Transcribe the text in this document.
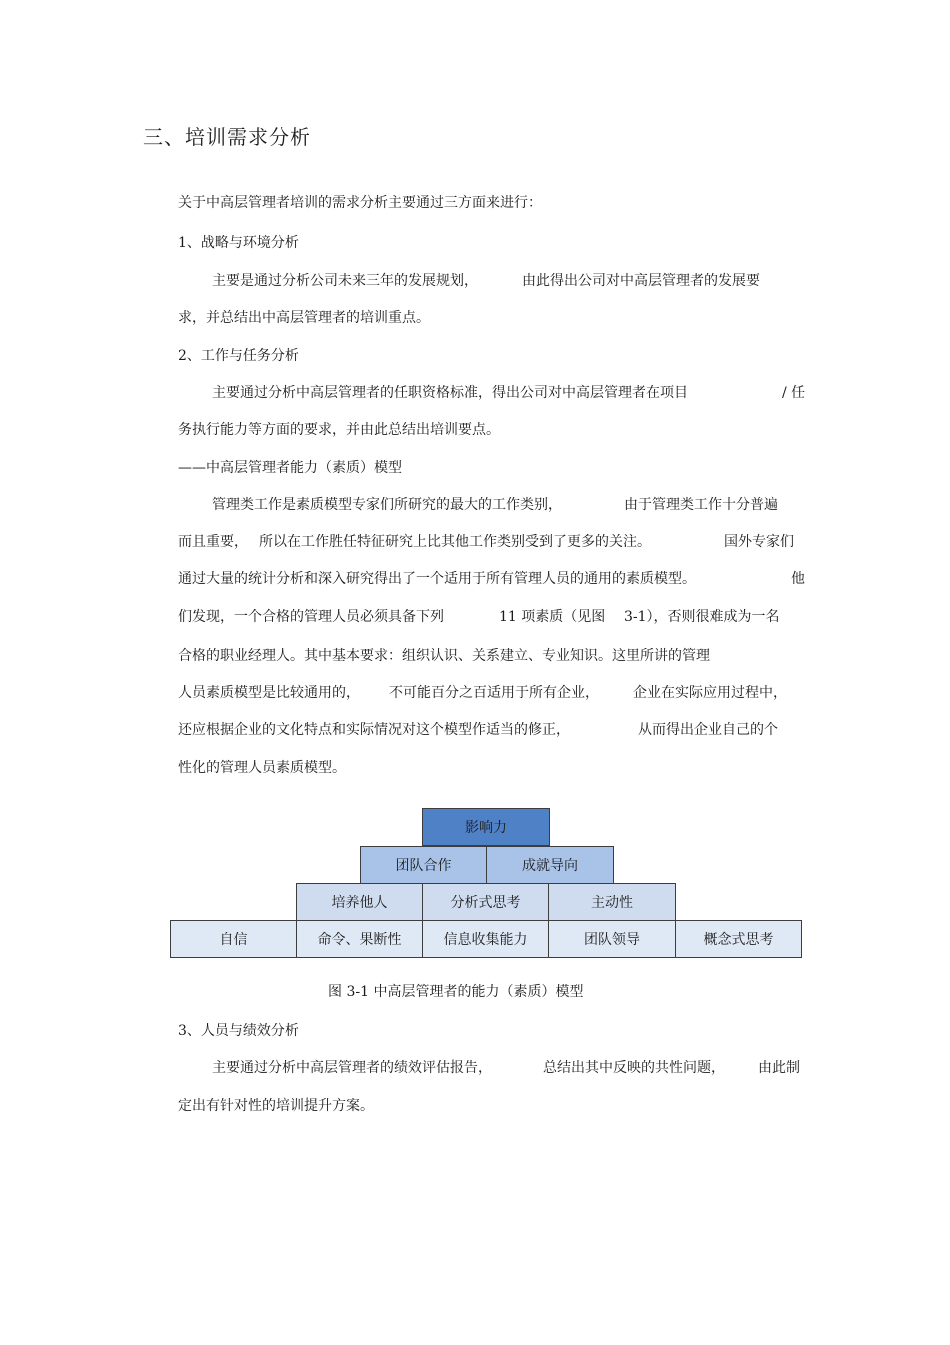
三、培训需求分析
关于中高层管理者培训的需求分析主要通过三方面来进行：
1、战略与环境分析
主要是通过分析公司未来三年的发展规划，	由此得出公司对中高层管理者的发展要
求，并总结出中高层管理者的培训重点。
2、工作与任务分析
主要通过分析中高层管理者的任职资格标准，得出公司对中高层管理者在项目	/ 任
务执行能力等方面的要求，并由此总结出培训要点。
——中高层管理者能力（素质）模型
管理类工作是素质模型专家们所研究的最大的工作类别，	由于管理类工作十分普遍
而且重要， 所以在工作胜任特征研究上比其他工作类别受到了更多的关注。	国外专家们
通过大量的统计分析和深入研究得出了一个适用于所有管理人员的通用的素质模型。	他
们发现，一个合格的管理人员必须具备下列	11 项素质（见图 3-1），否则很难成为一名
合格的职业经理人。其中基本要求：组织认识、关系建立、专业知识。这里所讲的管理
人员素质模型是比较通用的， 不可能百分之百适用于所有企业， 企业在实际应用过程中，
还应根据企业的文化特点和实际情况对这个模型作适当的修正，	从而得出企业自己的个
性化的管理人员素质模型。
影响力
团队合作	成就导向
培养他人	分析式思考	主动性
自信	命令、果断性	信息收集能力	团队领导	概念式思考
图 3-1 中高层管理者的能力（素质）模型
3、人员与绩效分析
主要通过分析中高层管理者的绩效评估报告，	总结出其中反映的共性问题， 由此制
定出有针对性的培训提升方案。
